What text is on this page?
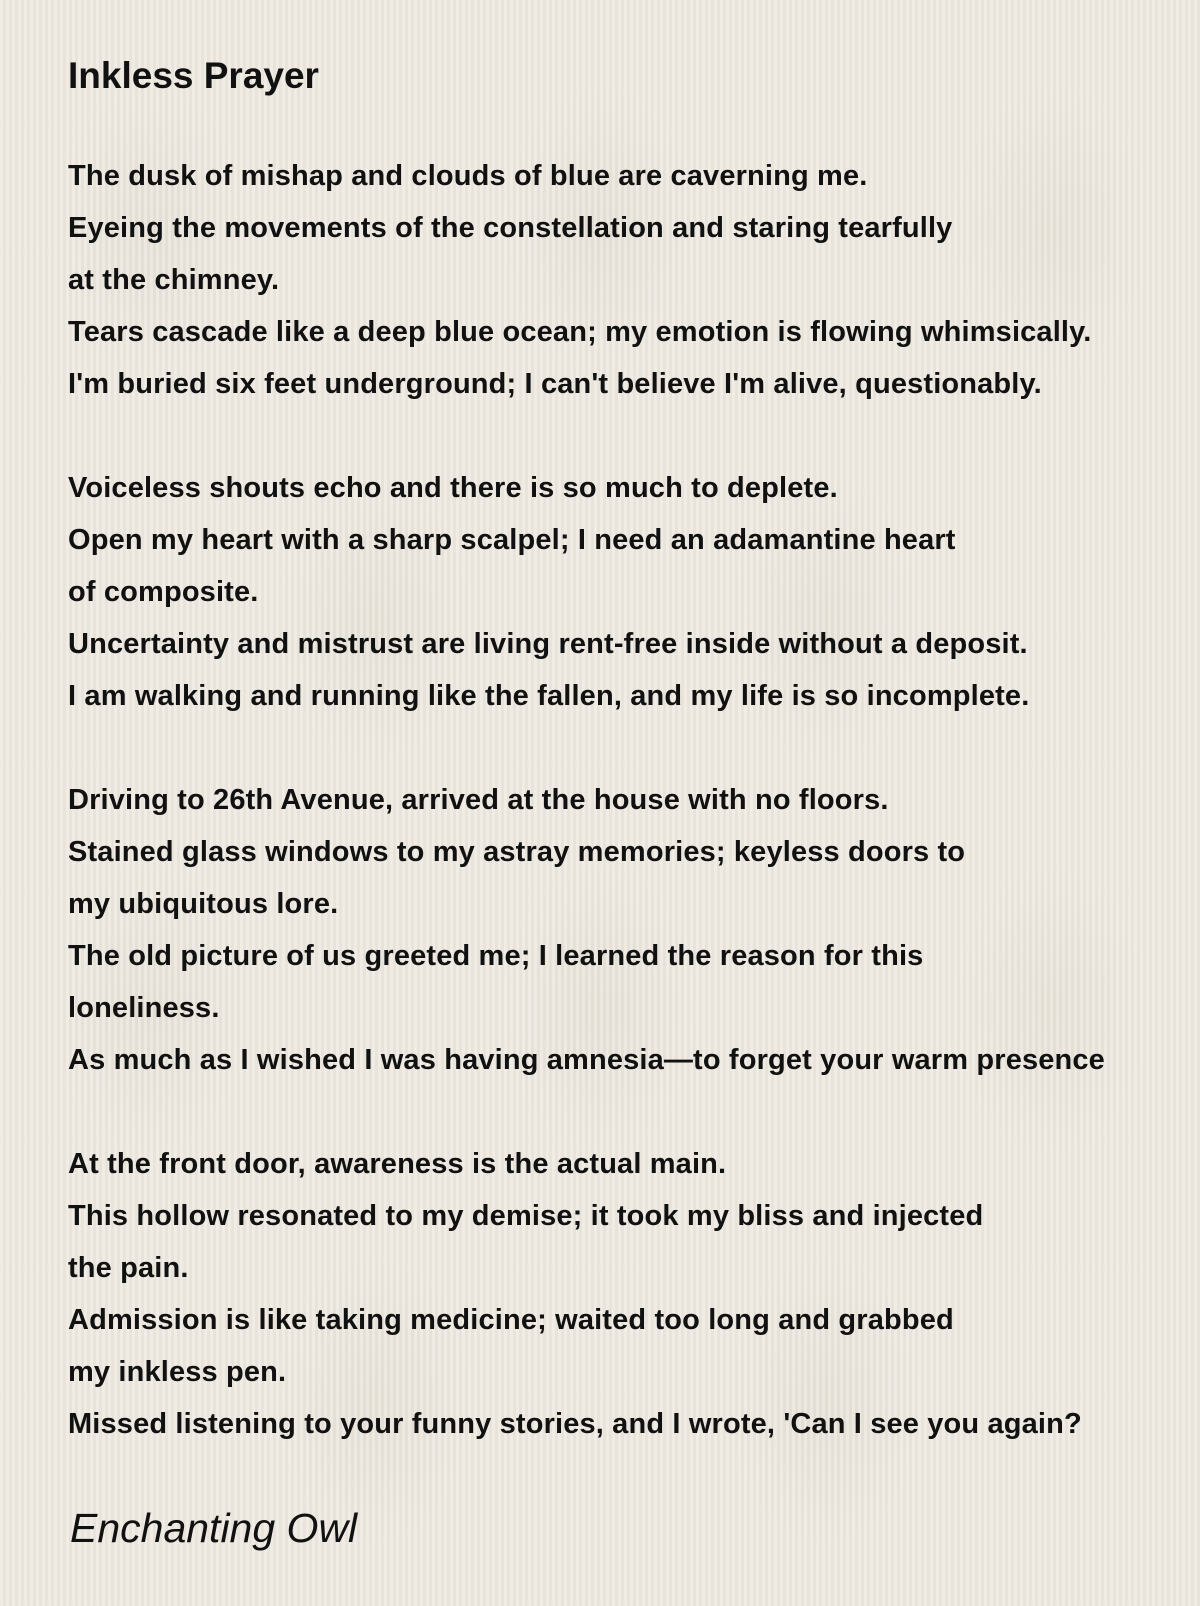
Inkless Prayer
The dusk of mishap and clouds of blue are caverning me.
Eyeing the movements of the constellation and staring tearfully
at the chimney.
Tears cascade like a deep blue ocean; my emotion is flowing whimsically.
I'm buried six feet underground; I can't believe I'm alive, questionably.
Voiceless shouts echo and there is so much to deplete.
Open my heart with a sharp scalpel; I need an adamantine heart
of composite.
Uncertainty and mistrust are living rent-free inside without a deposit.
I am walking and running like the fallen, and my life is so incomplete.
Driving to 26th Avenue, arrived at the house with no floors.
Stained glass windows to my astray memories; keyless doors to
my ubiquitous lore.
The old picture of us greeted me; I learned the reason for this
loneliness.
As much as I wished I was having amnesia—to forget your warm presence
At the front door, awareness is the actual main.
This hollow resonated to my demise; it took my bliss and injected
the pain.
Admission is like taking medicine; waited too long and grabbed
my inkless pen.
Missed listening to your funny stories, and I wrote, 'Can I see you again?
Enchanting Owl
